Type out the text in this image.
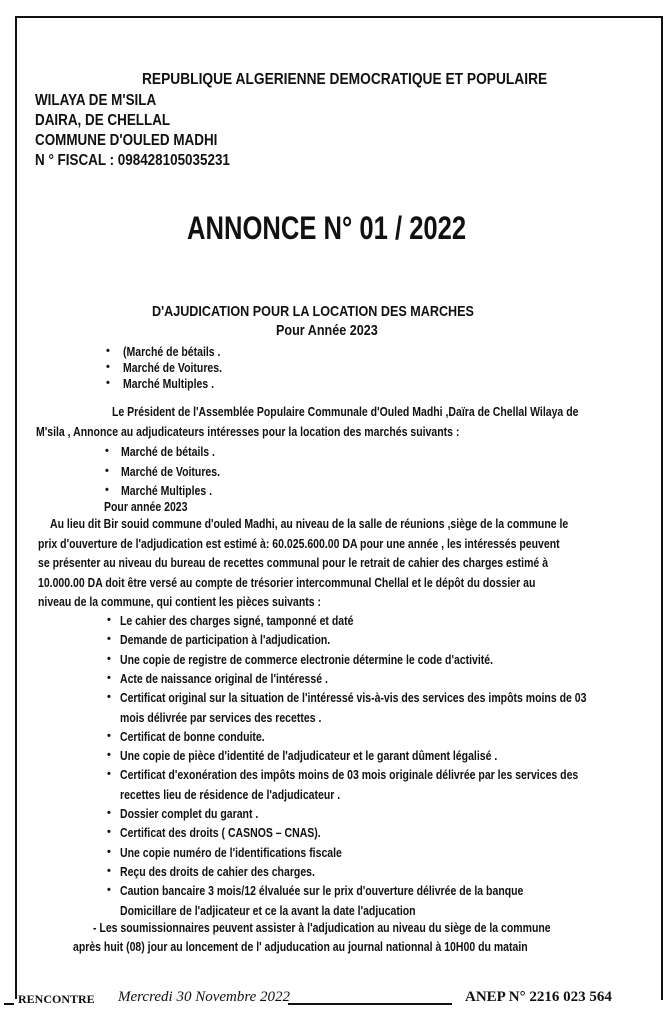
REPUBLIQUE ALGERIENNE DEMOCRATIQUE ET POPULAIRE
WILAYA DE M'SILA
DAIRA, DE CHELLAL
COMMUNE D'OULED MADHI
N ° FISCAL : 098428105035231
ANNONCE N° 01 / 2022
D'AJUDICATION POUR LA LOCATION DES MARCHES
Pour Année 2023
• (Marché de bétails .
• Marché de Voitures.
• Marché Multiples .
Le Président de l'Assemblée Populaire Communale d'Ouled Madhi ,Daïra de Chellal Wilaya de
M'sila , Annonce au adjudicateurs intéresses pour la location des marchés suivants :
• Marché de bétails .
• Marché de Voitures.
• Marché Multiples .
Pour année 2023
Au lieu dit Bir souid commune d'ouled Madhi, au niveau de la salle de réunions ,siège de la commune le
prix d'ouverture de l'adjudication est estimé à: 60.025.600.00 DA pour une année , les intéressés peuvent
se présenter au niveau du bureau de recettes communal pour le retrait de cahier des charges estimé à
10.000.00 DA doit être versé au compte de trésorier intercommunal Chellal et le dépôt du dossier au
niveau de la commune, qui contient les pièces suivants :
• Le cahier des charges signé, tamponné et daté
• Demande de participation à l'adjudication.
• Une copie de registre de commerce electronie détermine le code d'activité.
• Acte de naissance original de l'intéressé .
• Certificat original sur la situation de l'intéressé vis-à-vis des services des impôts moins de 03
mois délivrée par services des recettes .
• Certificat de bonne conduite.
• Une copie de pièce d'identité de l'adjudicateur et le garant dûment légalisé .
• Certificat d'exonération des impôts moins de 03 mois originale délivrée par les services des
recettes lieu de résidence de l'adjudicateur .
• Dossier complet du garant .
• Certificat des droits ( CASNOS – CNAS).
• Une copie numéro de l'identifications fiscale
• Reçu des droits de cahier des charges.
• Caution bancaire 3 mois/12 élvaluée sur le prix d'ouverture délivrée de la banque
Domicillare de l'adjicateur et ce la avant la date l'adjucation
- Les soumissionnaires peuvent assister à l'adjudication au niveau du siège de la commune
après huit (08) jour au loncement de l' adjuducation au journal nationnal à 10H00 du matain
RENCONTRE Mercredi 30 Novembre 2022	ANEP N° 2216 023 564
